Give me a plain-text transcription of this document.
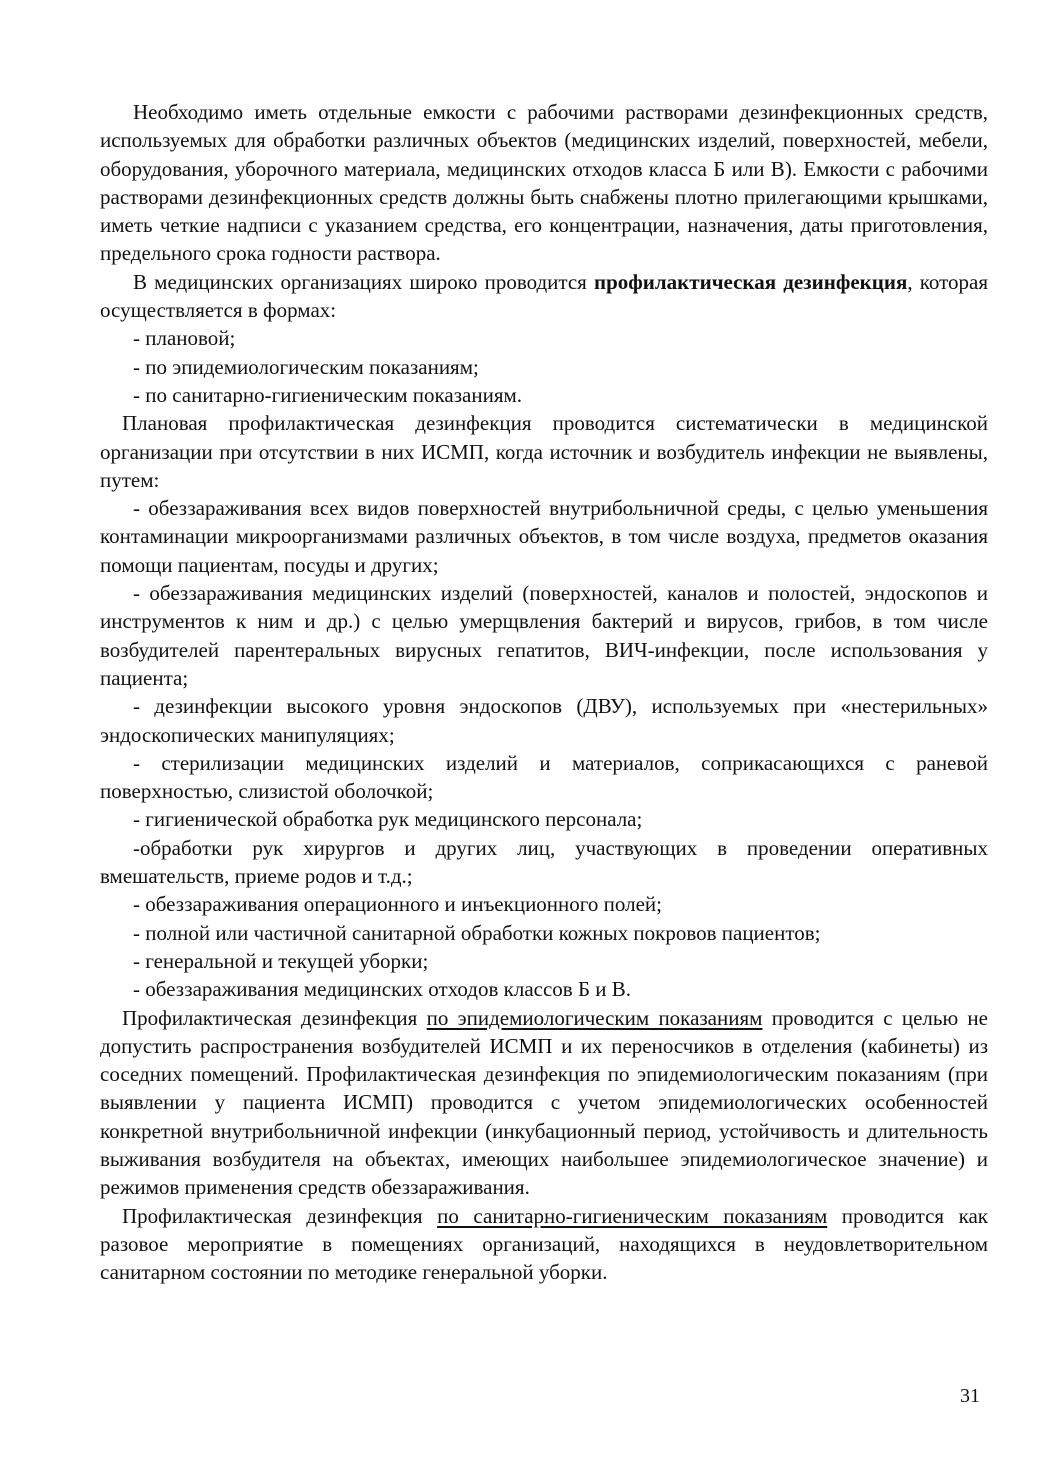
Необходимо иметь отдельные емкости с рабочими растворами дезинфекционных средств, используемых для обработки различных объектов (медицинских изделий, поверхностей, мебели, оборудования, уборочного материала, медицинских отходов класса Б или В). Емкости с рабочими растворами дезинфекционных средств должны быть снабжены плотно прилегающими крышками, иметь четкие надписи с указанием средства, его концентрации, назначения, даты приготовления, предельного срока годности раствора.

В медицинских организациях широко проводится профилактическая дезинфекция, которая осуществляется в формах:

- плановой;

- по эпидемиологическим показаниям;

- по санитарно-гигиеническим показаниям.

Плановая профилактическая дезинфекция проводится систематически в медицинской организации при отсутствии в них ИСМП, когда источник и возбудитель инфекции не выявлены, путем:

- обеззараживания всех видов поверхностей внутрибольничной среды, с целью уменьшения контаминации микроорганизмами различных объектов, в том числе воздуха, предметов оказания помощи пациентам, посуды и других;

- обеззараживания медицинских изделий (поверхностей, каналов и полостей, эндоскопов и инструментов к ним и др.) с целью умерщвления бактерий и вирусов, грибов, в том числе возбудителей парентеральных вирусных гепатитов, ВИЧ-инфекции, после использования у пациента;

- дезинфекции высокого уровня эндоскопов (ДВУ), используемых при «нестерильных» эндоскопических манипуляциях;

- стерилизации медицинских изделий и материалов, соприкасающихся с раневой поверхностью, слизистой оболочкой;

- гигиенической обработка рук медицинского персонала;

-обработки рук хирургов и других лиц, участвующих в проведении оперативных вмешательств, приеме родов и т.д.;

- обеззараживания операционного и инъекционного полей;

- полной или частичной санитарной обработки кожных покровов пациентов;

- генеральной и текущей уборки;

- обеззараживания медицинских отходов классов Б и В.

Профилактическая дезинфекция по эпидемиологическим показаниям проводится с целью не допустить распространения возбудителей ИСМП и их переносчиков в отделения (кабинеты) из соседних помещений. Профилактическая дезинфекция по эпидемиологическим показаниям (при выявлении у пациента ИСМП) проводится с учетом эпидемиологических особенностей конкретной внутрибольничной инфекции (инкубационный период, устойчивость и длительность выживания возбудителя на объектах, имеющих наибольшее эпидемиологическое значение) и режимов применения средств обеззараживания.

Профилактическая дезинфекция по санитарно-гигиеническим показаниям проводится как разовое мероприятие в помещениях организаций, находящихся в неудовлетворительном санитарном состоянии по методике генеральной уборки.

31
